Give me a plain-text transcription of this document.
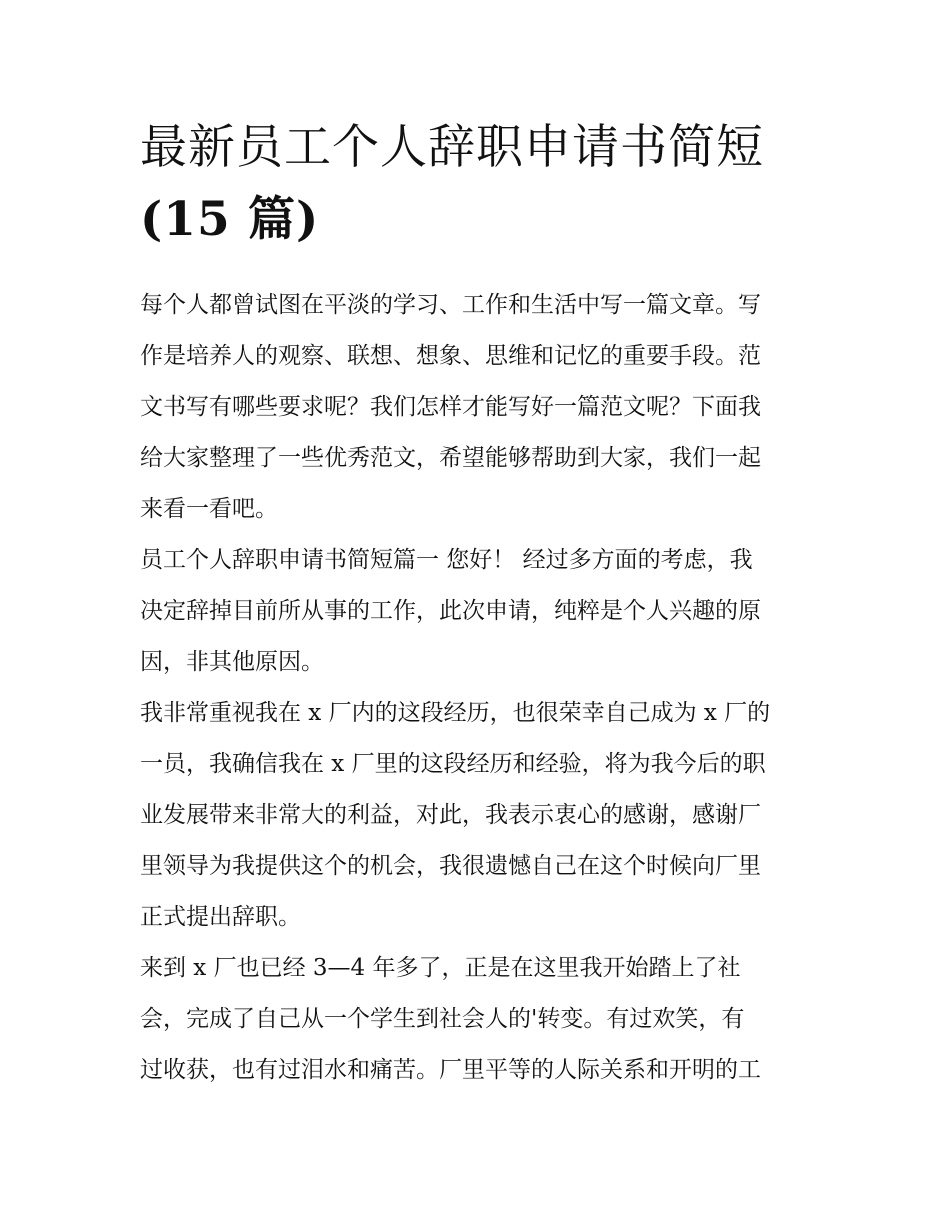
最新员工个人辞职申请书简短
(15 篇)
每个人都曾试图在平淡的学习、工作和生活中写一篇文章。写
作是培养人的观察、联想、想象、思维和记忆的重要手段。范
文书写有哪些要求呢？我们怎样才能写好一篇范文呢？下面我
给大家整理了一些优秀范文，希望能够帮助到大家，我们一起
来看一看吧。
员工个人辞职申请书简短篇一 您好！ 经过多方面的考虑，我
决定辞掉目前所从事的工作，此次申请，纯粹是个人兴趣的原
因，非其他原因。
我非常重视我在 x 厂内的这段经历，也很荣幸自己成为 x 厂的
一员，我确信我在 x 厂里的这段经历和经验，将为我今后的职
业发展带来非常大的利益，对此，我表示衷心的感谢，感谢厂
里领导为我提供这个的机会，我很遗憾自己在这个时候向厂里
正式提出辞职。
来到 x 厂也已经 3—4 年多了，正是在这里我开始踏上了社
会，完成了自己从一个学生到社会人的'转变。有过欢笑，有
过收获，也有过泪水和痛苦。厂里平等的人际关系和开明的工
